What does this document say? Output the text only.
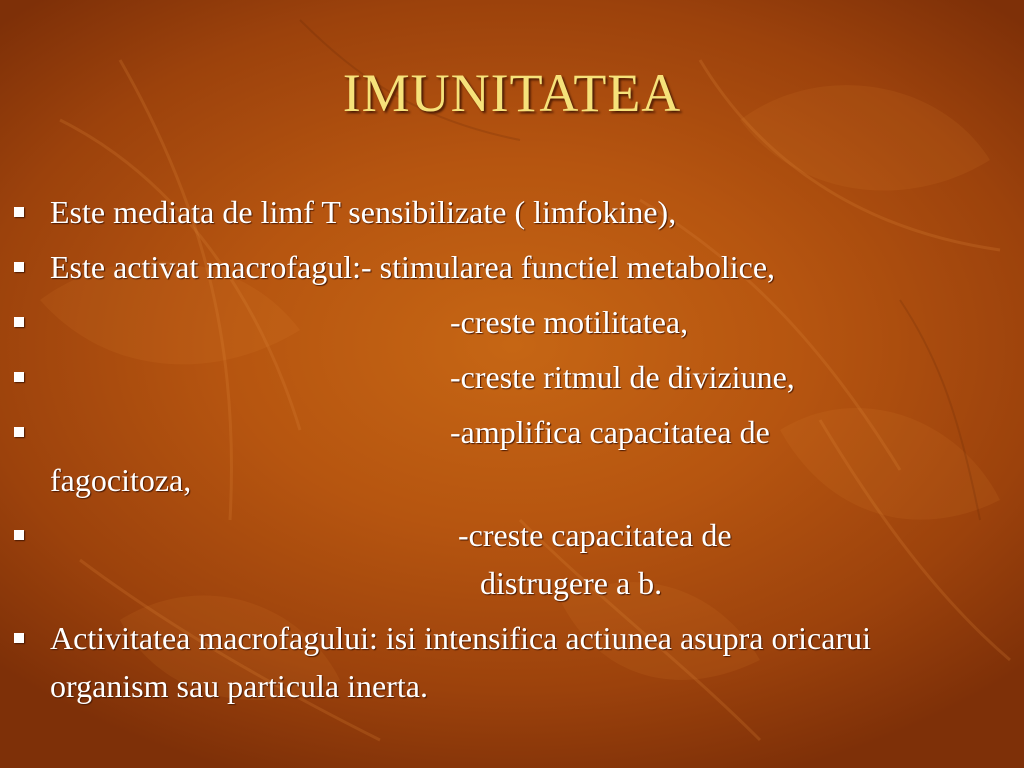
IMUNITATEA
Este mediata de limf T sensibilizate ( limfokine),
Este activat macrofagul:- stimularea functiel metabolice,
-creste motilitatea,
-creste ritmul de diviziune,
-amplifica capacitatea de
fagocitoza,
-creste capacitatea de
distrugere a b.
Activitatea macrofagului: isi intensifica actiunea asupra oricarui organism sau particula inerta.
